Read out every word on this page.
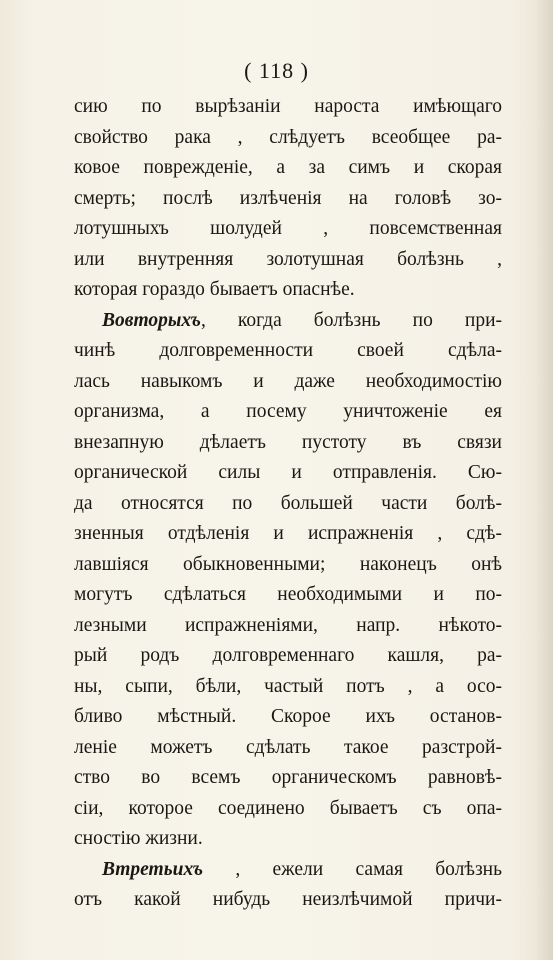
( 118 )
сию по вырѣзаніи нароста имѣющаго
свойство рака , слѣдуетъ всеобщее ра-
ковое поврежденіе, а за симъ и скорая
смерть; послѣ излѣченія на головѣ зо-
лотушныхъ шолудей , повсемственная
или внутренняя золотушная болѣзнь ,
которая гораздо бываетъ опаснѣе.
Вовторыхъ, когда болѣзнь по при-
чинѣ долговременности своей сдѣла-
лась навыкомъ и даже необходимостію
организма, а посему уничтоженіе ея
внезапную дѣлаетъ пустоту въ связи
органической силы и отправленія. Сю-
да относятся по большей части болѣ-
зненныя отдѣленія и испражненія , сдѣ-
лавшіяся обыкновенными; наконецъ онѣ
могутъ сдѣлаться необходимыми и по-
лезными испражненіями, напр. нѣкото-
рый родъ долговременнаго кашля, ра-
ны, сыпи, бѣли, частый потъ , а осо-
бливо мѣстный. Скорое ихъ останов-
леніе можетъ сдѣлать такое разстрой-
ство во всемъ органическомъ равновѣ-
сіи, которое соединено бываетъ съ опа-
сностію жизни.
Втретьихъ , ежели самая болѣзнь
отъ какой нибудь неизлѣчимой причи-
